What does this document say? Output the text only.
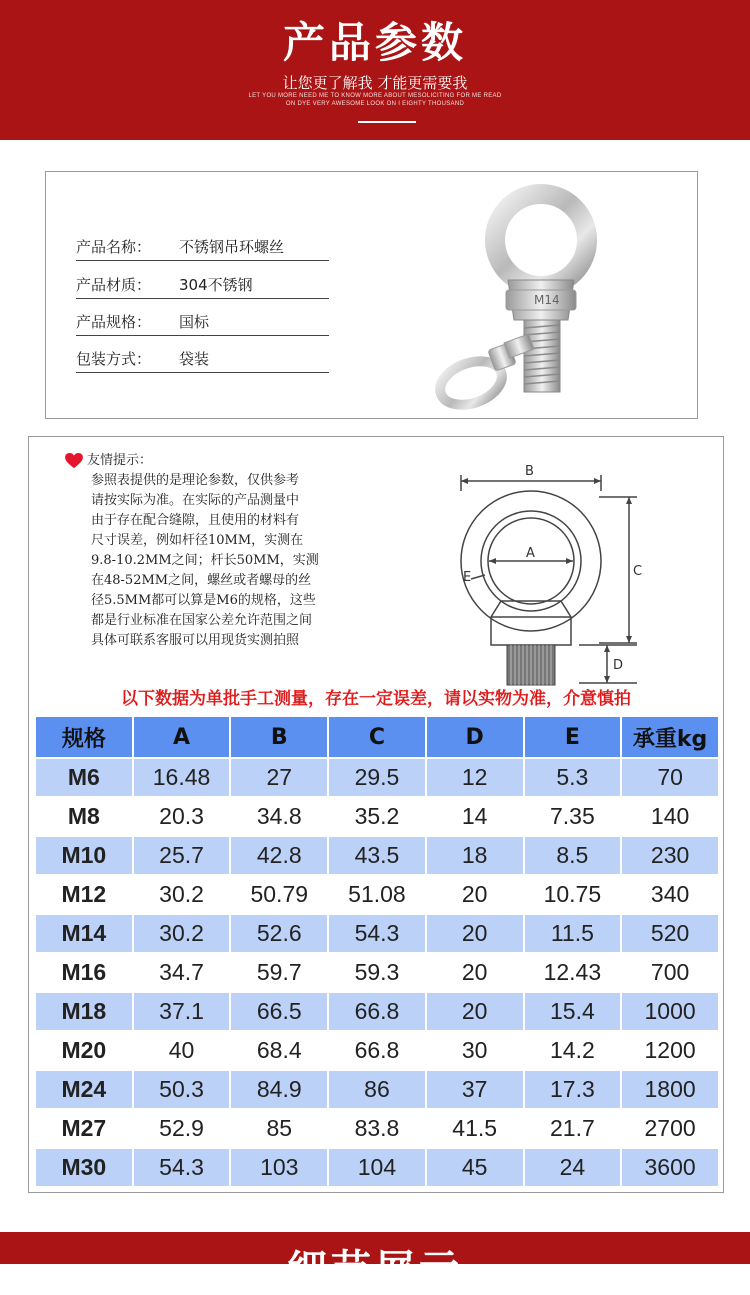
产品参数
让您更了解我 才能更需要我
LET YOU MORE NEED ME TO KNOW MORE ABOUT MESOLICITING FOR ME READ
ON DYE VERY AWESOME LOOK ON I EIGHTY THOUSAND
产品名称： 不锈钢吊环螺丝
产品材质： 304不锈钢
产品规格： 国标
包装方式： 袋装
M14
友情提示：

参照表提供的是理论参数，仅供参考

请按实际为准。在实际的产品测量中

由于存在配合缝隙，且使用的材料有

尺寸误差，例如杆径10MM，实测在

9.8-10.2MM之间；杆长50MM，实测

在48-52MM之间，螺丝或者螺母的丝

径5.5MM都可以算是M6的规格，这些

都是行业标准在国家公差允许范围之间

具体可联系客服可以用现货实测拍照

B
C
A
E
D
以下数据为单批手工测量，存在一定误差，请以实物为准，介意慎拍
规格	A	B	C	D	E	承重kg
M6	16.48	27	29.5	12	5.3	70
M8	20.3	34.8	35.2	14	7.35	140
M10	25.7	42.8	43.5	18	8.5	230
M12	30.2	50.79	51.08	20	10.75	340
M14	30.2	52.6	54.3	20	11.5	520
M16	34.7	59.7	59.3	20	12.43	700
M18	37.1	66.5	66.8	20	15.4	1000
M20	40	68.4	66.8	30	14.2	1200
M24	50.3	84.9	86	37	17.3	1800
M27	52.9	85	83.8	41.5	21.7	2700
M30	54.3	103	104	45	24	3600
细节展示
